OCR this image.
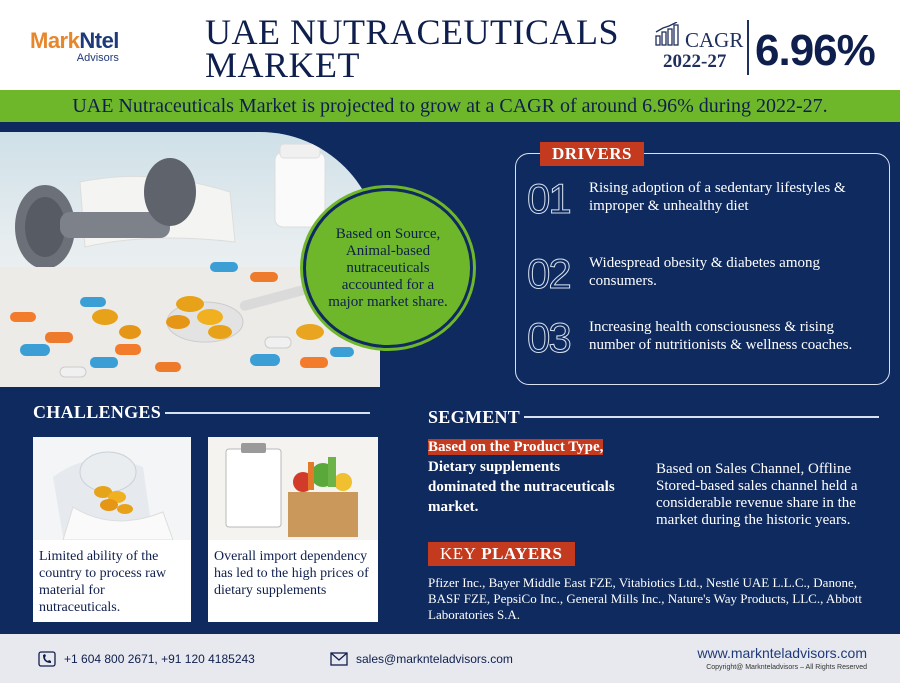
MarkNtel
Advisors
UAE NUTRACEUTICALS
MARKET
CAGR
2022-27 6.96%
UAE Nutraceuticals Market is projected to grow at a CAGR of around 6.96% during 2022-27.

Based on Source, Animal-based nutraceuticals accounted for a major market share.

DRIVERS
01 Rising adoption of a sedentary lifestyles & improper & unhealthy diet
02 Widespread obesity & diabetes among consumers.
03 Increasing health consciousness & rising number of nutritionists & wellness coaches.
CHALLENGES
Limited ability of the country to process raw material for nutraceuticals.
Overall import dependency has led to the high prices of dietary supplements
SEGMENT
Based on the Product Type, Dietary supplements dominated the nutraceuticals market.
Based on Sales Channel, Offline Stored-based sales channel held a considerable revenue share in the market during the historic years.
KEY PLAYERS
Pfizer Inc., Bayer Middle East FZE, Vitabiotics Ltd., Nestlé UAE L.L.C., Danone, BASF FZE, PepsiCo Inc., General Mills Inc., Nature's Way Products, LLC., Abbott Laboratories S.A.
+1 604 800 2671, +91 120 4185243	sales@marknteladvisors.com	www.marknteladvisors.com
Copyright@ Marknteladvisors – All Rights Reserved
